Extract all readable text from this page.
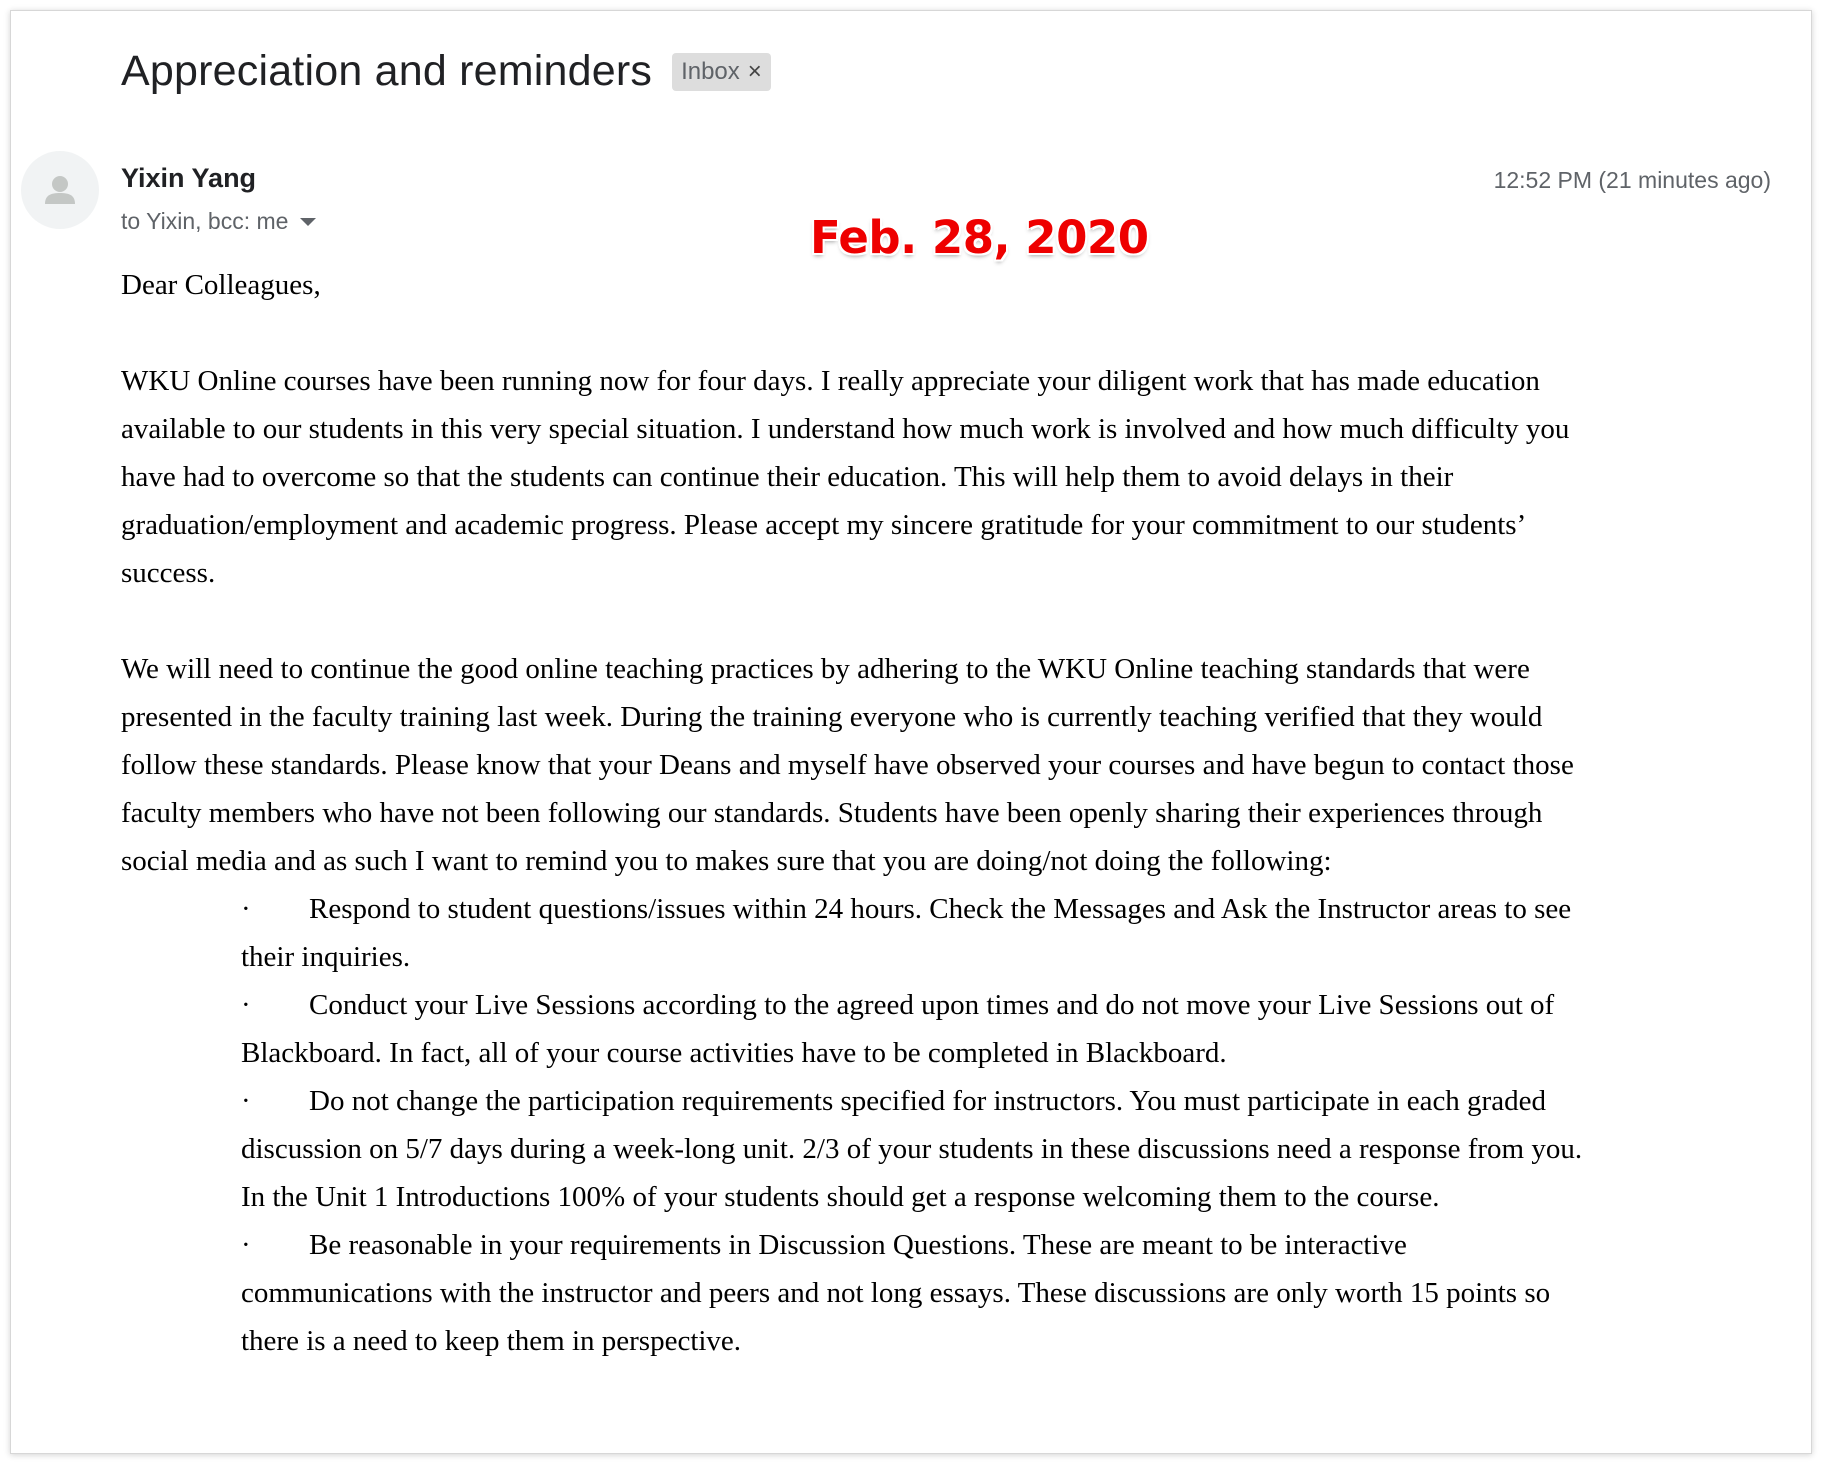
Appreciation and reminders Inbox ×
Yixin Yang
to Yixin, bcc: me
12:52 PM (21 minutes ago)
Feb. 28, 2020

Dear Colleagues,

WKU Online courses have been running now for four days. I really appreciate your diligent work that has made education available to our students in this very special situation. I understand how much work is involved and how much difficulty you have had to overcome so that the students can continue their education. This will help them to avoid delays in their graduation/employment and academic progress. Please accept my sincere gratitude for your commitment to our students’ success.

We will need to continue the good online teaching practices by adhering to the WKU Online teaching standards that were presented in the faculty training last week. During the training everyone who is currently teaching verified that they would follow these standards. Please know that your Deans and myself have observed your courses and have begun to contact those faculty members who have not been following our standards. Students have been openly sharing their experiences through social media and as such I want to remind you to makes sure that you are doing/not doing the following:

·	Respond to student questions/issues within 24 hours. Check the Messages and Ask the Instructor areas to see their inquiries.
·	Conduct your Live Sessions according to the agreed upon times and do not move your Live Sessions out of Blackboard. In fact, all of your course activities have to be completed in Blackboard.
·	Do not change the participation requirements specified for instructors. You must participate in each graded discussion on 5/7 days during a week-long unit. 2/3 of your students in these discussions need a response from you. In the Unit 1 Introductions 100% of your students should get a response welcoming them to the course.
·	Be reasonable in your requirements in Discussion Questions. These are meant to be interactive communications with the instructor and peers and not long essays. These discussions are only worth 15 points so there is a need to keep them in perspective.
